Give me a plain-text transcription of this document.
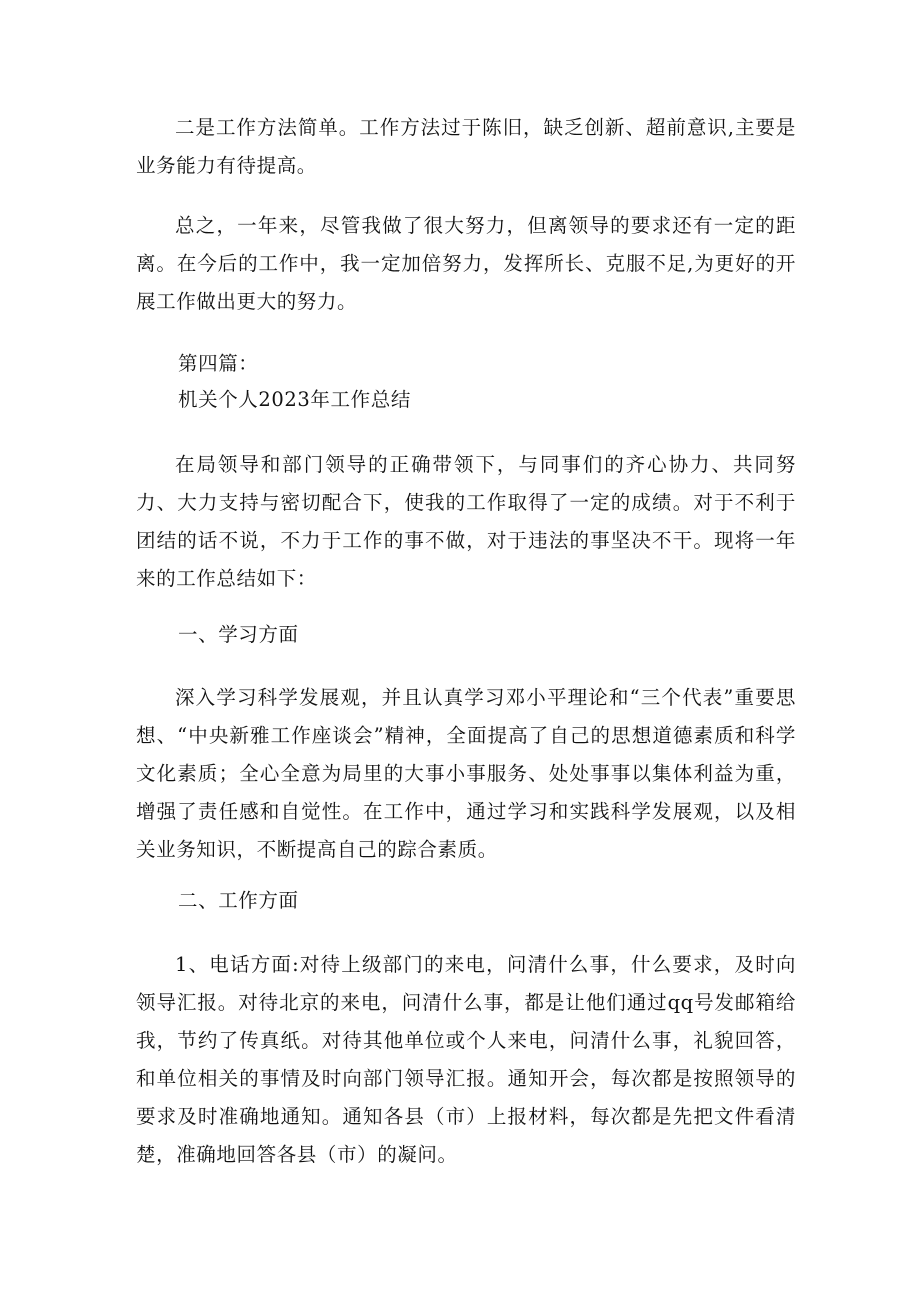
二是工作方法简单。工作方法过于陈旧，缺乏创新、超前意识,主要是业务能力有待提高。

总之，一年来，尽管我做了很大努力，但离领导的要求还有一定的距离。在今后的工作中，我一定加倍努力，发挥所长、克服不足,为更好的开展工作做出更大的努力。

第四篇：

机关个人2023年工作总结

在局领导和部门领导的正确带领下，与同事们的齐心协力、共同努力、大力支持与密切配合下，使我的工作取得了一定的成绩。对于不利于团结的话不说，不力于工作的事不做，对于违法的事坚决不干。现将一年来的工作总结如下：

一、学习方面

深入学习科学发展观，并且认真学习邓小平理论和“三个代表”重要思想、“中央新雅工作座谈会”精神，全面提高了自己的思想道德素质和科学文化素质；全心全意为局里的大事小事服务、处处事事以集体利益为重，增强了责任感和自觉性。在工作中，通过学习和实践科学发展观，以及相关业务知识，不断提高自己的踪合素质。

二、工作方面

1、电话方面:对待上级部门的来电，问清什么事，什么要求，及时向领导汇报。对待北京的来电，问清什么事，都是让他们通过qq号发邮箱给我，节约了传真纸。对待其他单位或个人来电，问清什么事，礼貌回答，和单位相关的事情及时向部门领导汇报。通知开会，每次都是按照领导的要求及时准确地通知。通知各县（市）上报材料，每次都是先把文件看清楚，准确地回答各县（市）的凝问。
